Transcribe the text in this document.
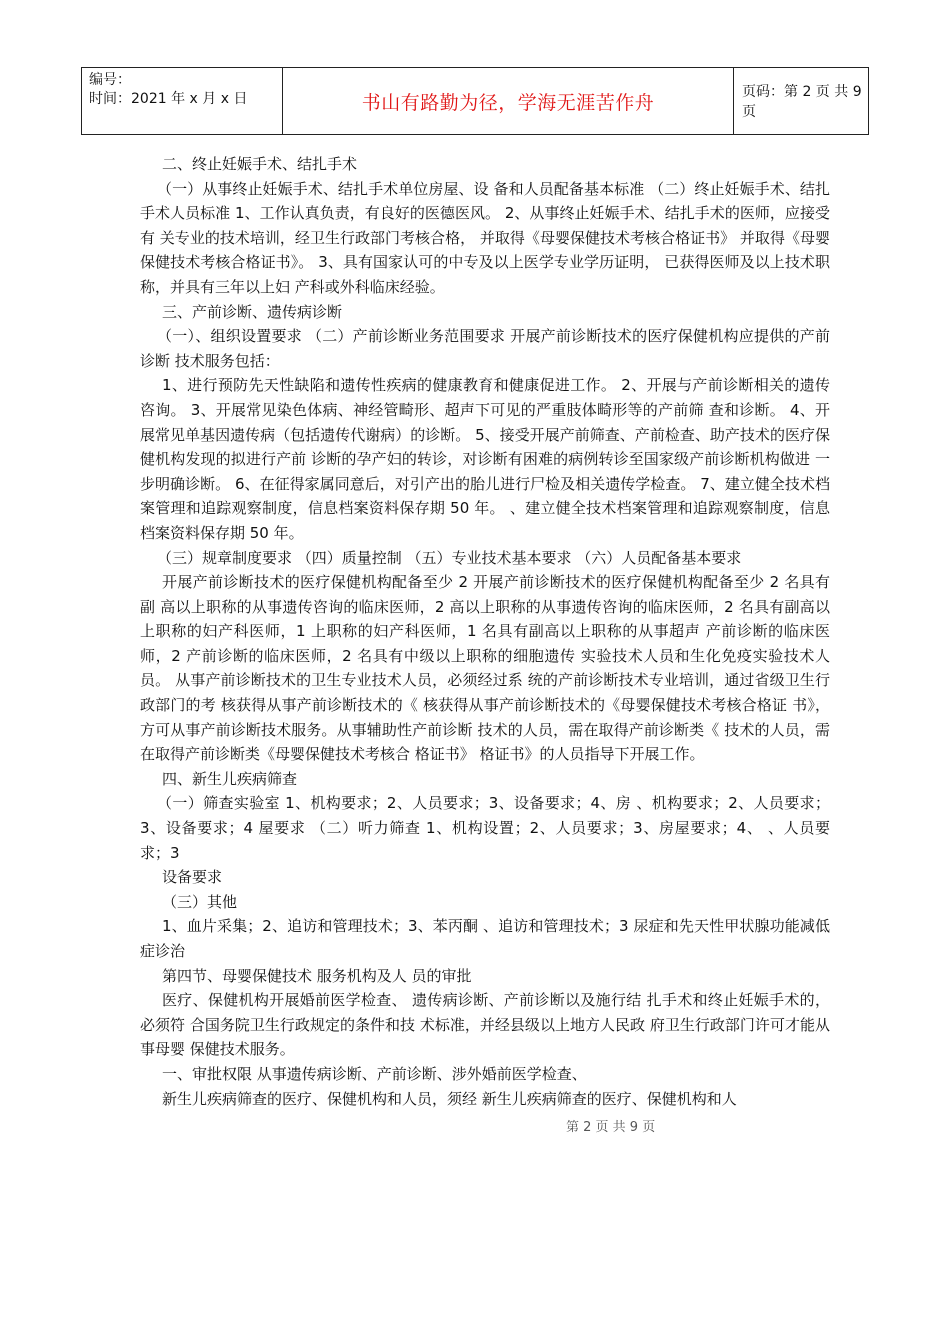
编号：
时间：2021 年 x 月 x 日	书山有路勤为径，学海无涯苦作舟	页码：第 2 页 共 9 页

二、终止妊娠手术、结扎手术

（一）从事终止妊娠手术、结扎手术单位房屋、设 备和人员配备基本标准 （二）终止妊娠手术、结扎手术人员标准 1、工作认真负责，有良好的医德医风。 2、从事终止妊娠手术、结扎手术的医师，应接受有 关专业的技术培训，经卫生行政部门考核合格， 并取得《母婴保健技术考核合格证书》 并取得《母婴保健技术考核合格证书》。 3、具有国家认可的中专及以上医学专业学历证明， 已获得医师及以上技术职称，并具有三年以上妇 产科或外科临床经验。

三、产前诊断、遗传病诊断

（一）、组织设置要求 （二）产前诊断业务范围要求 开展产前诊断技术的医疗保健机构应提供的产前诊断 技术服务包括：

1、进行预防先天性缺陷和遗传性疾病的健康教育和健康促进工作。 2、开展与产前诊断相关的遗传咨询。 3、开展常见染色体病、神经管畸形、超声下可见的严重肢体畸形等的产前筛 查和诊断。 4、开展常见单基因遗传病（包括遗传代谢病）的诊断。 5、接受开展产前筛查、产前检查、助产技术的医疗保健机构发现的拟进行产前 诊断的孕产妇的转诊，对诊断有困难的病例转诊至国家级产前诊断机构做进 一步明确诊断。 6、在征得家属同意后，对引产出的胎儿进行尸检及相关遗传学检查。 7、建立健全技术档案管理和追踪观察制度，信息档案资料保存期 50 年。 、建立健全技术档案管理和追踪观察制度，信息档案资料保存期 50 年。

（三）规章制度要求 （四）质量控制 （五）专业技术基本要求 （六）人员配备基本要求

开展产前诊断技术的医疗保健机构配备至少 2 开展产前诊断技术的医疗保健机构配备至少 2 名具有副 高以上职称的从事遗传咨询的临床医师，2 高以上职称的从事遗传咨询的临床医师，2 名具有副高以 上职称的妇产科医师，1 上职称的妇产科医师，1 名具有副高以上职称的从事超声 产前诊断的临床医师，2 产前诊断的临床医师，2 名具有中级以上职称的细胞遗传 实验技术人员和生化免疫实验技术人员。 从事产前诊断技术的卫生专业技术人员，必须经过系 统的产前诊断技术专业培训，通过省级卫生行政部门的考 核获得从事产前诊断技术的《 核获得从事产前诊断技术的《母婴保健技术考核合格证 书》，方可从事产前诊断技术服务。从事辅助性产前诊断 技术的人员，需在取得产前诊断类《 技术的人员，需在取得产前诊断类《母婴保健技术考核合 格证书》 格证书》的人员指导下开展工作。

四、新生儿疾病筛查

（一）筛查实验室 1、机构要求；2、人员要求；3、设备要求；4、房 、机构要求；2、人员要求；3、设备要求；4 屋要求 （二）听力筛查 1、机构设置；2、人员要求；3、房屋要求；4、 、人员要求；3

设备要求

（三）其他

1、血片采集；2、追访和管理技术；3、苯丙酮 、追访和管理技术；3 尿症和先天性甲状腺功能减低症诊治

第四节、母婴保健技术 服务机构及人 员的审批

医疗、保健机构开展婚前医学检查、 遗传病诊断、产前诊断以及施行结 扎手术和终止妊娠手术的，必须符 合国务院卫生行政规定的条件和技 术标准，并经县级以上地方人民政 府卫生行政部门许可才能从事母婴 保健技术服务。

一、审批权限 从事遗传病诊断、产前诊断、涉外婚前医学检查、

新生儿疾病筛查的医疗、保健机构和人员，须经 新生儿疾病筛查的医疗、保健机构和人

第 2 页 共 9 页
